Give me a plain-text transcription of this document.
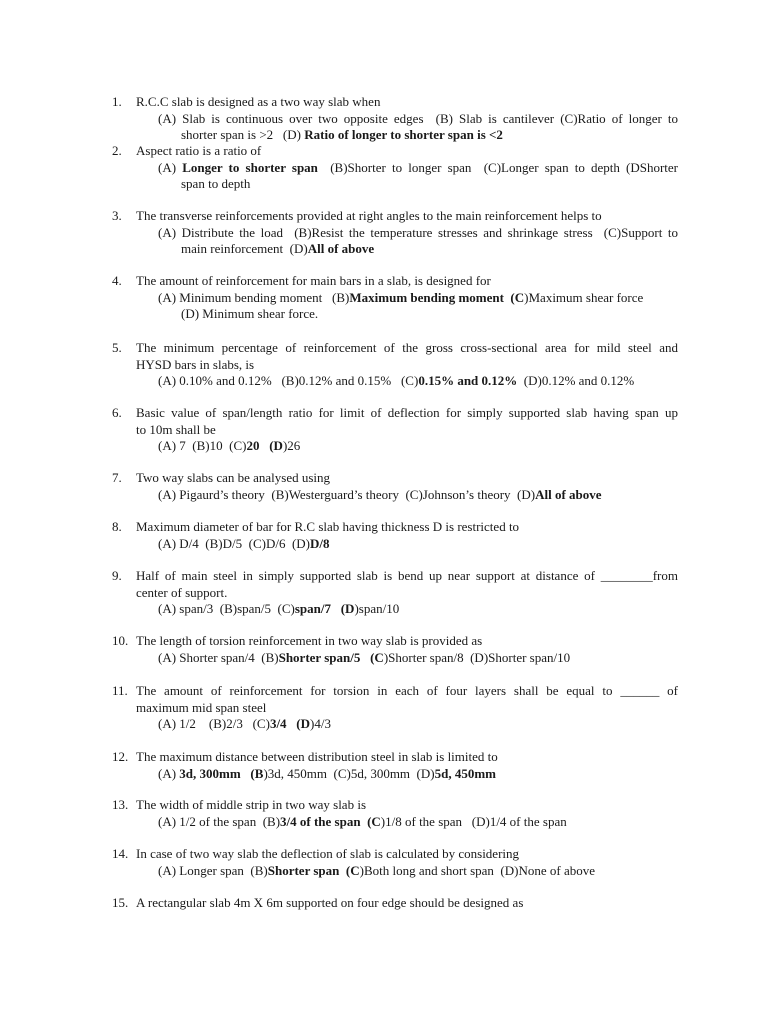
1. R.C.C slab is designed as a two way slab when
(A) Slab is continuous over two opposite edges  (B) Slab is cantilever (C)Ratio of longer to
shorter span is >2   (D) Ratio of longer to shorter span is <2
2. Aspect ratio is a ratio of
(A) Longer to shorter span  (B)Shorter to longer span  (C)Longer span to depth (DShorter
span to depth
3. The transverse reinforcements provided at right angles to the main reinforcement helps to
(A) Distribute the load  (B)Resist the temperature stresses and shrinkage stress  (C)Support to
main reinforcement  (D)All of above
4. The amount of reinforcement for main bars in a slab, is designed for
(A) Minimum bending moment   (B)Maximum bending moment  (C)Maximum shear force
(D) Minimum shear force.
5. The minimum percentage of reinforcement of the gross cross-sectional area for mild steel and
HYSD bars in slabs, is
(A) 0.10% and 0.12%   (B)0.12% and 0.15%   (C)0.15% and 0.12%  (D)0.12% and 0.12%
6. Basic value of span/length ratio for limit of deflection for simply supported slab having span up
to 10m shall be
(A) 7  (B)10  (C)20   (D)26
7. Two way slabs can be analysed using
(A) Pigaurd’s theory  (B)Westerguard’s theory  (C)Johnson’s theory  (D)All of above
8. Maximum diameter of bar for R.C slab having thickness D is restricted to
(A) D/4  (B)D/5  (C)D/6  (D)D/8
9. Half of main steel in simply supported slab is bend up near support at distance of ________from
center of support.
(A) span/3  (B)span/5  (C)span/7   (D)span/10
10. The length of torsion reinforcement in two way slab is provided as
(A) Shorter span/4  (B)Shorter span/5   (C)Shorter span/8  (D)Shorter span/10
11. The amount of reinforcement for torsion in each of four layers shall be equal to ______ of
maximum mid span steel
(A) 1/2    (B)2/3   (C)3/4   (D)4/3
12. The maximum distance between distribution steel in slab is limited to
(A) 3d, 300mm   (B)3d, 450mm  (C)5d, 300mm  (D)5d, 450mm
13. The width of middle strip in two way slab is
(A) 1/2 of the span  (B)3/4 of the span  (C)1/8 of the span   (D)1/4 of the span
14. In case of two way slab the deflection of slab is calculated by considering
(A) Longer span  (B)Shorter span  (C)Both long and short span  (D)None of above
15. A rectangular slab 4m X 6m supported on four edge should be designed as
